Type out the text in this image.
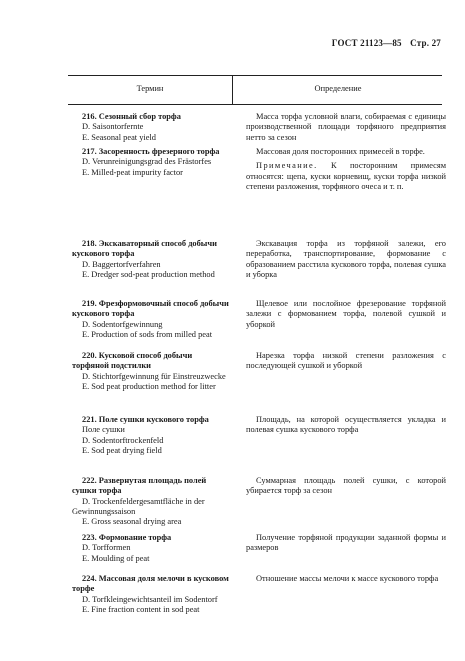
ГОСТ 21123—85 Стр. 27
Термин	Определение
216. Сезонный сбор торфа
D. Saisontorfernte
E. Seasonal peat yield
Масса торфа условной влаги, собираемая с единицы производственной площади торфяного предприятия нетто за сезон
217. Засоренность фрезерного торфа
D. Verunreinigungsgrad des Frästorfes
E. Milled-peat impurity factor
Массовая доля посторонних примесей в торфе.
Примечание. К посторонним примесям относятся: щепа, куски корневищ, куски торфа низкой степени разложения, торфяного очеса и т. п.
218. Экскаваторный способ добычи кускового торфа
D. Baggertorfverfahren
E. Dredger sod-peat production method
Экскавация торфа из торфяной залежи, его переработка, транспортирование, формование с образованием расстила кускового торфа, полевая сушка и уборка
219. Фрезформовочный способ добычи кускового торфа
D. Sodentorfgewinnung
E. Production of sods from milled peat
Щелевое или послойное фрезерование торфяной залежи с формованием торфа, полевой сушкой и уборкой
220. Кусковой способ добычи торфяной подстилки
D. Stichtorfgewinnung für Einstreuzwecke
E. Sod peat production method for litter
Нарезка торфа низкой степени разложения с последующей сушкой и уборкой
221. Поле сушки кускового торфа
Поле сушки
D. Sodentorftrockenfeld
E. Sod peat drying field
Площадь, на которой осуществляется укладка и полевая сушка кускового торфа
222. Развернутая площадь полей сушки торфа
D. Trockenfeldergesamtfläche in der Gewinnungssaison
E. Gross seasonal drying area
Суммарная площадь полей сушки, с которой убирается торф за сезон
223. Формование торфа
D. Torfformen
E. Moulding of peat
Получение торфяной продукции заданной формы и размеров
224. Массовая доля мелочи в кусковом торфе
D. Torfkleingewichtsanteil im Sodentorf
E. Fine fraction content in sod peat
Отношение массы мелочи к массе кускового торфа
